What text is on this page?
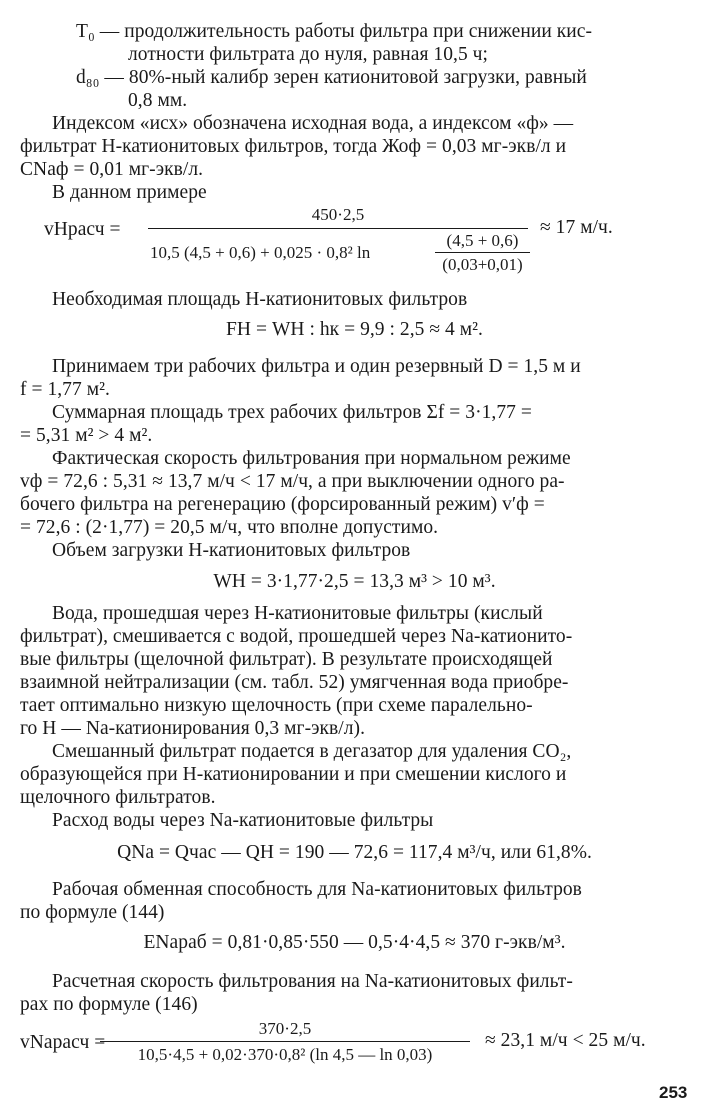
T₀ — продолжительность работы фильтра при снижении кис-
лотности фильтрата до нуля, равная 10,5 ч;
d₈₀ — 80%-ный калибр зерен катионитовой загрузки, равный
0,8 мм.
Индексом «исх» обозначена исходная вода, а индексом «ф» —
фильтрат Н-катионитовых фильтров, тогда Жоф = 0,03 мг-экв/л и
CNaф = 0,01 мг-экв/л.
В данном примере
vHрасч =
450·2,5
10,5 (4,5 + 0,6) + 0,025 · 0,8² ln
(4,5 + 0,6)
(0,03+0,01)
≈ 17 м/ч.
Необходимая площадь Н-катионитовых фильтров
FН = WН : hк = 9,9 : 2,5 ≈ 4 м².
Принимаем три рабочих фильтра и один резервный D = 1,5 м и
f = 1,77 м².
Суммарная площадь трех рабочих фильтров Σf = 3·1,77 =
= 5,31 м² > 4 м².
Фактическая скорость фильтрования при нормальном режиме
vф = 72,6 : 5,31 ≈ 13,7 м/ч < 17 м/ч, а при выключении одного ра-
бочего фильтра на регенерацию (форсированный режим) v′ф =
= 72,6 : (2·1,77) = 20,5 м/ч, что вполне допустимо.
Объем загрузки Н-катионитовых фильтров
WН = 3·1,77·2,5 = 13,3 м³ > 10 м³.
Вода, прошедшая через Н-катионитовые фильтры (кислый
фильтрат), смешивается с водой, прошедшей через Na-катионито-
вые фильтры (щелочной фильтрат). В результате происходящей
взаимной нейтрализации (см. табл. 52) умягченная вода приобре-
тает оптимально низкую щелочность (при схеме паралельно-
го Н — Na-катионирования 0,3 мг-экв/л).
Смешанный фильтрат подается в дегазатор для удаления CO₂,
образующейся при Н-катионировании и при смешении кислого и
щелочного фильтратов.
Расход воды через Na-катионитовые фильтры
QNa = Qчас — QН = 190 — 72,6 = 117,4 м³/ч, или 61,8%.
Рабочая обменная способность для Na-катионитовых фильтров
по формуле (144)
ENaраб = 0,81·0,85·550 — 0,5·4·4,5 ≈ 370 г-экв/м³.
Расчетная скорость фильтрования на Na-катионитовых фильт-
рах по формуле (146)
vNaрасч =
370·2,5
10,5·4,5 + 0,02·370·0,8² (ln 4,5 — ln 0,03)
≈ 23,1 м/ч < 25 м/ч.
253
